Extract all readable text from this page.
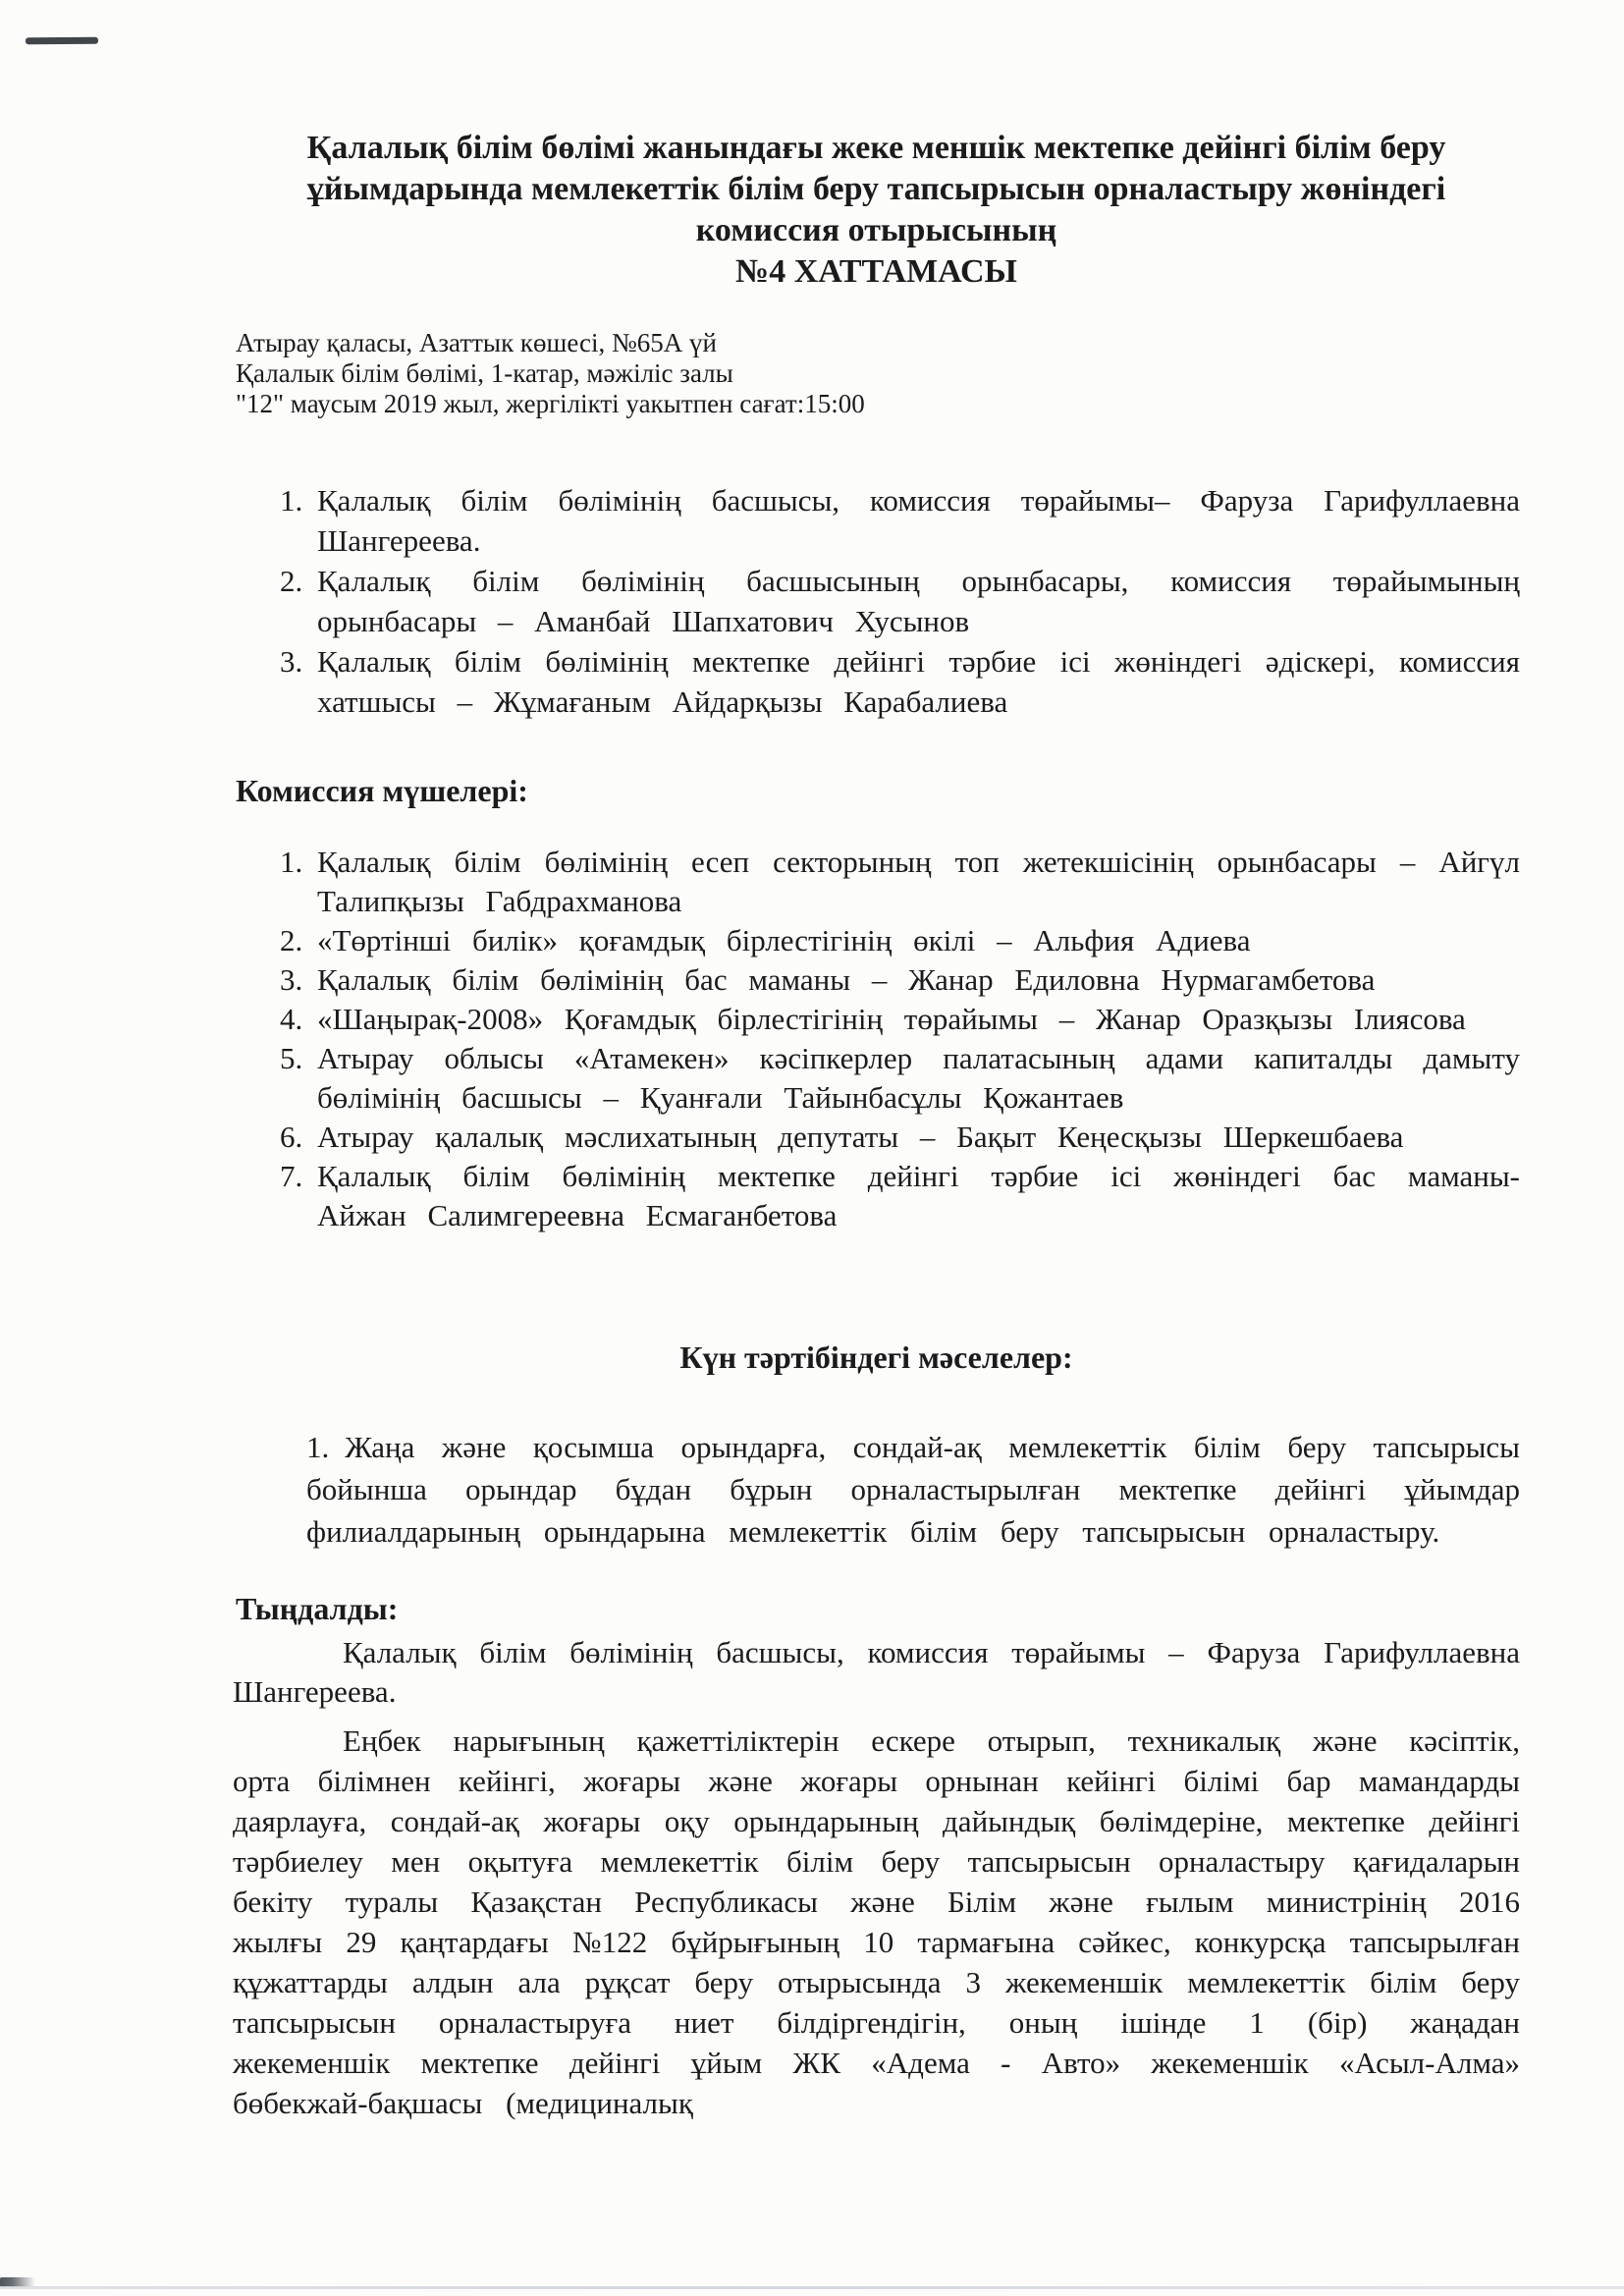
Қалалық білім бөлімі жанындағы жеке меншік мектепке дейінгі білім беру
ұйымдарында мемлекеттік білім беру тапсырысын орналастыру жөніндегі
комиссия отырысының
№4 ХАТТАМАСЫ
Атырау қаласы, Азаттык көшесі, №65А үй
Қалалык білім бөлімі, 1-катар, мәжіліс залы
"12" маусым 2019 жыл, жергілікті уакытпен сағат:15:00
1. Қалалық білім бөлімінің басшысы, комиссия төрайымы– Фаруза Гарифуллаевна Шангереева.
2. Қалалық білім бөлімінің басшысының орынбасары, комиссия төрайымының орынбасары – Аманбай Шапхатович Хусынов
3. Қалалық білім бөлімінің мектепке дейінгі тәрбие ісі жөніндегі әдіскері, комиссия хатшысы – Жұмағаным Айдарқызы Карабалиева
Комиссия мүшелері:
1. Қалалық білім бөлімінің есеп секторының топ жетекшісінің орынбасары – Айгүл Талипқызы Габдрахманова
2. «Төртінші билік» қоғамдық бірлестігінің өкілі – Альфия Адиева
3. Қалалық білім бөлімінің бас маманы – Жанар Едиловна Нурмагамбетова
4. «Шаңырақ-2008» Қоғамдық бірлестігінің төрайымы – Жанар Оразқызы Ілиясова
5. Атырау облысы «Атамекен» кәсіпкерлер палатасының адами капиталды дамыту бөлімінің басшысы – Қуанғали Тайынбасұлы Қожантаев
6. Атырау қалалық мәслихатының депутаты – Бақыт Кеңесқызы Шеркешбаева
7. Қалалық білім бөлімінің мектепке дейінгі тәрбие ісі жөніндегі бас маманы- Айжан Салимгереевна Есмаганбетова
Күн тәртібіндегі мәселелер:
1. Жаңа және қосымша орындарға, сондай-ақ мемлекеттік білім беру тапсырысы бойынша орындар бұдан бұрын орналастырылған мектепке дейінгі ұйымдар филиалдарының орындарына мемлекеттік білім беру тапсырысын орналастыру.
Тыңдалды:

Қалалық білім бөлімінің басшысы, комиссия төрайымы – Фаруза Гарифуллаевна Шангереева.

Еңбек нарығының қажеттіліктерін ескере отырып, техникалық және кәсіптік, орта білімнен кейінгі, жоғары және жоғары орнынан кейінгі білімі бар мамандарды даярлауға, сондай-ақ жоғары оқу орындарының дайындық бөлімдеріне, мектепке дейінгі тәрбиелеу мен оқытуға мемлекеттік білім беру тапсырысын орналастыру қағидаларын бекіту туралы Қазақстан Республикасы және Білім және ғылым министрінің 2016 жылғы 29 қаңтардағы №122 бұйрығының 10 тармағына сәйкес, конкурсқа тапсырылған құжаттарды алдын ала рұқсат беру отырысында 3 жекеменшік мемлекеттік білім беру тапсырысын орналастыруға ниет білдіргендігін, оның ішінде 1 (бір) жаңадан жекеменшік мектепке дейінгі ұйым ЖК «Адема - Авто» жекеменшік «Асыл-Алма» бөбекжай-бақшасы (медициналық
